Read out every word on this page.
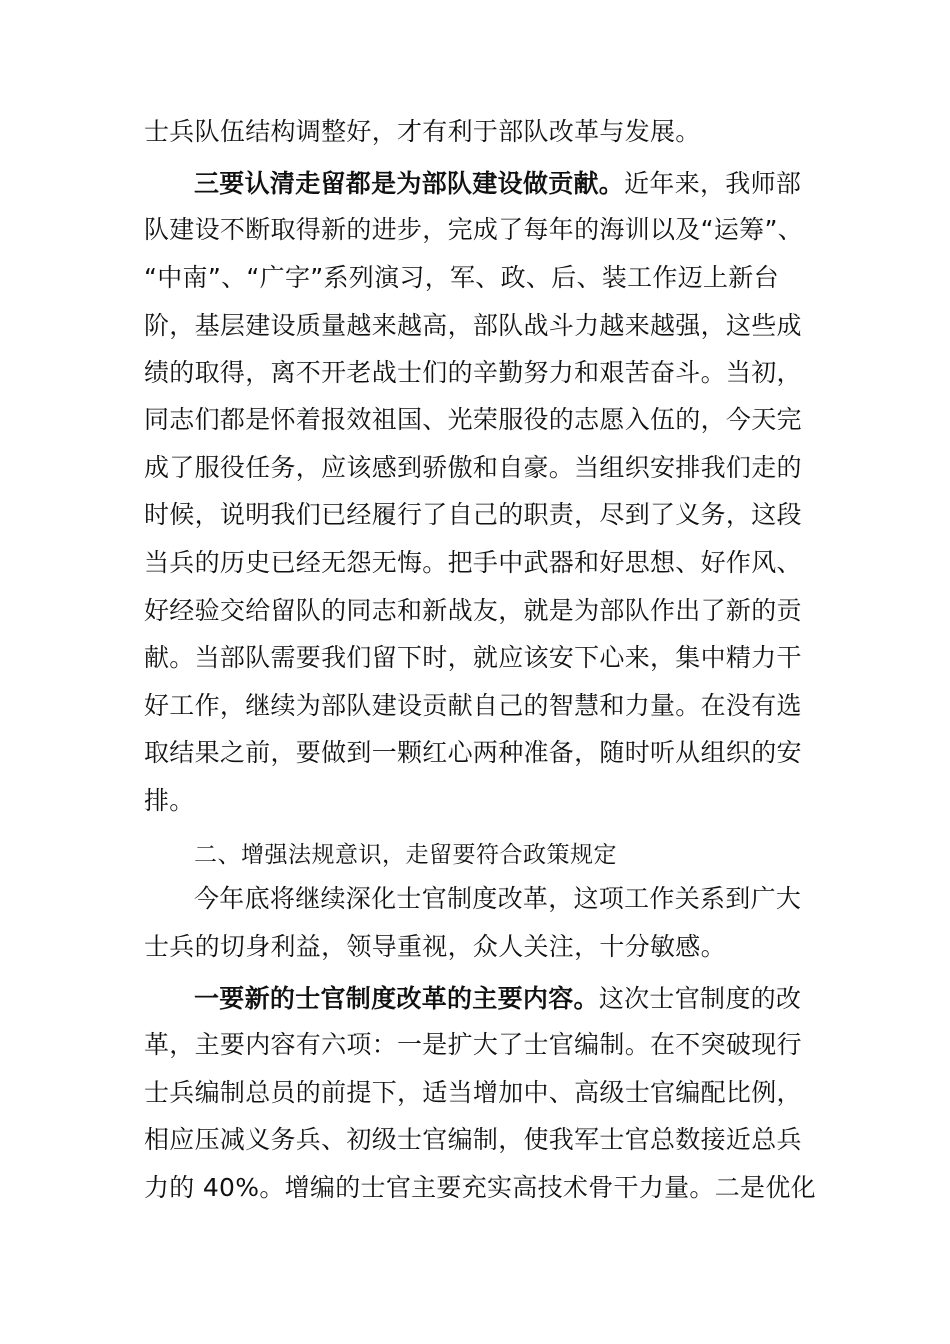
士兵队伍结构调整好，才有利于部队改革与发展。
三要认清走留都是为部队建设做贡献。近年来，我师部
队建设不断取得新的进步，完成了每年的海训以及“运筹”、
“中南”、“广字”系列演习，军、政、后、装工作迈上新台
阶，基层建设质量越来越高，部队战斗力越来越强，这些成
绩的取得，离不开老战士们的辛勤努力和艰苦奋斗。当初，
同志们都是怀着报效祖国、光荣服役的志愿入伍的，今天完
成了服役任务，应该感到骄傲和自豪。当组织安排我们走的
时候，说明我们已经履行了自己的职责，尽到了义务，这段
当兵的历史已经无怨无悔。把手中武器和好思想、好作风、
好经验交给留队的同志和新战友，就是为部队作出了新的贡
献。当部队需要我们留下时，就应该安下心来，集中精力干
好工作，继续为部队建设贡献自己的智慧和力量。在没有选
取结果之前，要做到一颗红心两种准备，随时听从组织的安
排。
二、增强法规意识，走留要符合政策规定
今年底将继续深化士官制度改革，这项工作关系到广大
士兵的切身利益，领导重视，众人关注，十分敏感。
一要新的士官制度改革的主要内容。这次士官制度的改
革，主要内容有六项：一是扩大了士官编制。在不突破现行
士兵编制总员的前提下，适当增加中、高级士官编配比例，
相应压减义务兵、初级士官编制，使我军士官总数接近总兵
力的 40%。增编的士官主要充实高技术骨干力量。二是优化
